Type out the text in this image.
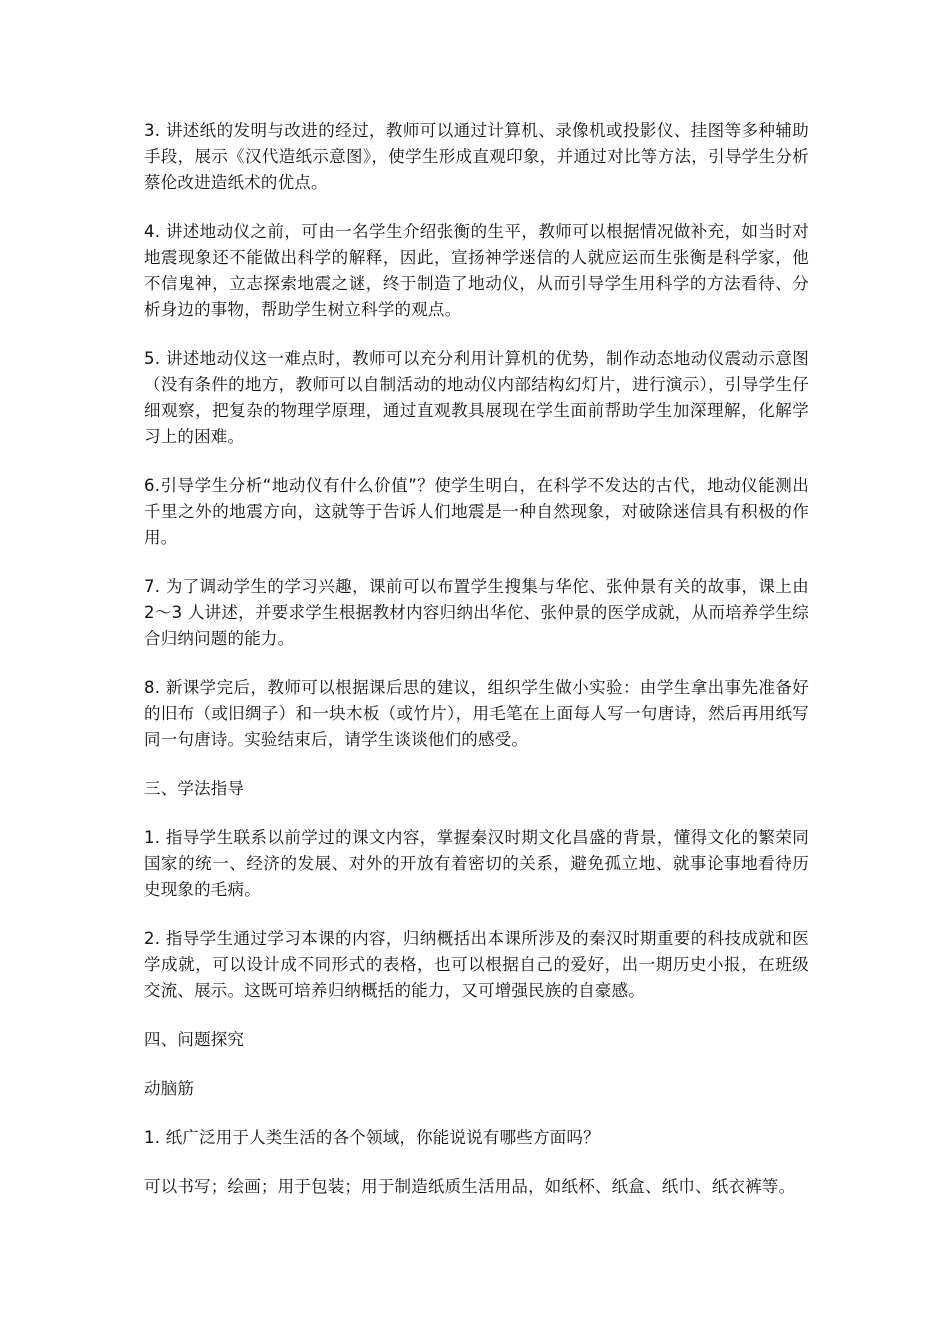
3. 讲述纸的发明与改进的经过，教师可以通过计算机、录像机或投影仪、挂图等多种辅助手段，展示《汉代造纸示意图》，使学生形成直观印象，并通过对比等方法，引导学生分析蔡伦改进造纸术的优点。

4. 讲述地动仪之前，可由一名学生介绍张衡的生平，教师可以根据情况做补充，如当时对地震现象还不能做出科学的解释，因此，宣扬神学迷信的人就应运而生张衡是科学家，他不信鬼神，立志探索地震之谜，终于制造了地动仪，从而引导学生用科学的方法看待、分析身边的事物，帮助学生树立科学的观点。

5. 讲述地动仪这一难点时，教师可以充分利用计算机的优势，制作动态地动仪震动示意图（没有条件的地方，教师可以自制活动的地动仪内部结构幻灯片，进行演示），引导学生仔细观察，把复杂的物理学原理，通过直观教具展现在学生面前帮助学生加深理解，化解学习上的困难。

6.引导学生分析“地动仪有什么价值”？使学生明白，在科学不发达的古代，地动仪能测出千里之外的地震方向，这就等于告诉人们地震是一种自然现象，对破除迷信具有积极的作用。

7. 为了调动学生的学习兴趣，课前可以布置学生搜集与华佗、张仲景有关的故事，课上由 2～3 人讲述，并要求学生根据教材内容归纳出华佗、张仲景的医学成就，从而培养学生综合归纳问题的能力。

8. 新课学完后，教师可以根据课后思的建议，组织学生做小实验：由学生拿出事先准备好的旧布（或旧绸子）和一块木板（或竹片），用毛笔在上面每人写一句唐诗，然后再用纸写同一句唐诗。实验结束后，请学生谈谈他们的感受。

三、学法指导

1. 指导学生联系以前学过的课文内容，掌握秦汉时期文化昌盛的背景，懂得文化的繁荣同国家的统一、经济的发展、对外的开放有着密切的关系，避免孤立地、就事论事地看待历史现象的毛病。

2. 指导学生通过学习本课的内容，归纳概括出本课所涉及的秦汉时期重要的科技成就和医学成就，可以设计成不同形式的表格，也可以根据自己的爱好，出一期历史小报，在班级交流、展示。这既可培养归纳概括的能力，又可增强民族的自豪感。

四、问题探究

动脑筋

1. 纸广泛用于人类生活的各个领域，你能说说有哪些方面吗？

可以书写；绘画；用于包装；用于制造纸质生活用品，如纸杯、纸盒、纸巾、纸衣裤等。
